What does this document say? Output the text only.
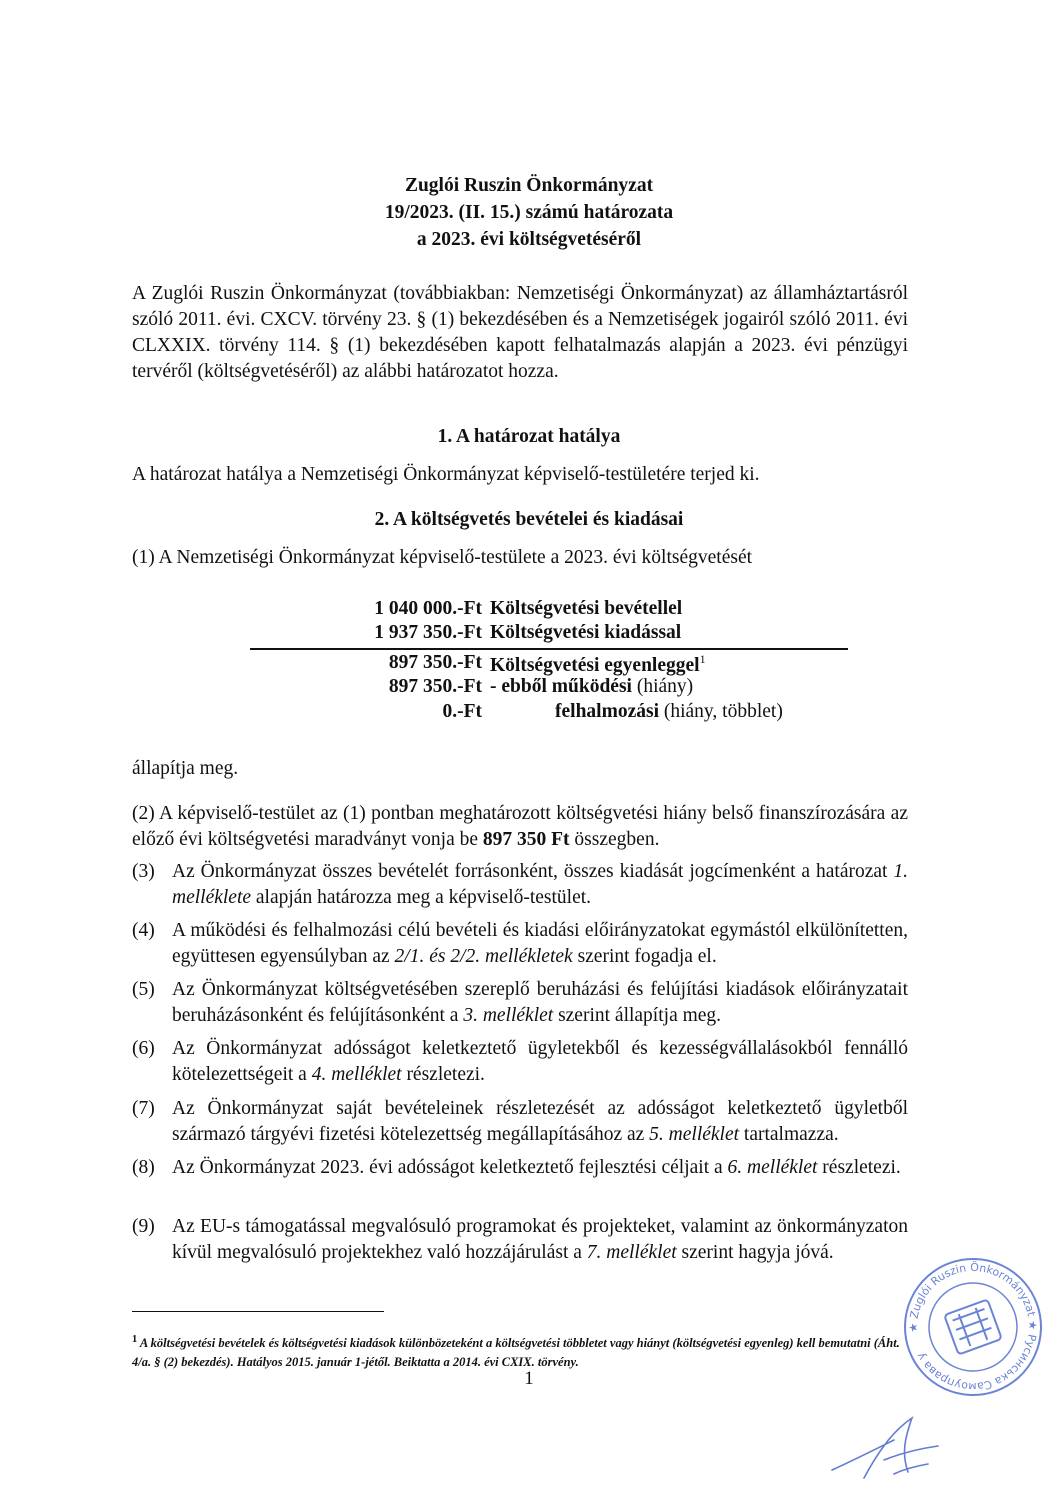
Zuglói Ruszin Önkormányzat
19/2023. (II. 15.) számú határozata
a 2023. évi költségvetéséről
A Zuglói Ruszin Önkormányzat (továbbiakban: Nemzetiségi Önkormányzat) az államháztartásról szóló 2011. évi. CXCV. törvény 23. § (1) bekezdésében és a Nemzetiségek jogairól szóló 2011. évi CLXXIX. törvény 114. § (1) bekezdésében kapott felhatalmazás alapján a 2023. évi pénzügyi tervéről (költségvetéséről) az alábbi határozatot hozza.
1. A határozat hatálya
A határozat hatálya a Nemzetiségi Önkormányzat képviselő-testületére terjed ki.
2. A költségvetés bevételei és kiadásai
(1) A Nemzetiségi Önkormányzat képviselő-testülete a 2023. évi költségvetését
1 040 000.-Ft Költségvetési bevétellel
1 937 350.-Ft Költségvetési kiadással
897 350.-Ft Költségvetési egyenleggel$^1$
897 350.-Ft - ebből működési (hiány)
0.-Ft	felhalmozási (hiány, többlet)
állapítja meg.
(2) A képviselő-testület az (1) pontban meghatározott költségvetési hiány belső finanszírozására az előző évi költségvetési maradványt vonja be 897 350 Ft összegben.
(3) Az Önkormányzat összes bevételét forrásonként, összes kiadását jogcímenként a határozat 1. melléklete alapján határozza meg a képviselő-testület.
(4) A működési és felhalmozási célú bevételi és kiadási előirányzatokat egymástól elkülönítetten, együttesen egyensúlyban az 2/1. és 2/2. mellékletek szerint fogadja el.
(5) Az Önkormányzat költségvetésében szereplő beruházási és felújítási kiadások előirányzatait beruházásonként és felújításonként a 3. melléklet szerint állapítja meg.
(6) Az Önkormányzat adósságot keletkeztető ügyletekből és kezességvállalásokból fennálló kötelezettségeit a 4. melléklet részletezi.
(7) Az Önkormányzat saját bevételeinek részletezését az adósságot keletkeztető ügyletből származó tárgyévi fizetési kötelezettség megállapításához az 5. melléklet tartalmazza.
(8) Az Önkormányzat 2023. évi adósságot keletkeztető fejlesztési céljait a 6. melléklet részletezi.
(9) Az EU-s támogatással megvalósuló programokat és projekteket, valamint az önkormányzaton kívül megvalósuló projektekhez való hozzájárulást a 7. melléklet szerint hagyja jóvá.
$^1$ A költségvetési bevételek és költségvetési kiadások különbözeteként a költségvetési többletet vagy hiányt (költségvetési egyenleg) kell bemutatni (Áht. 4/a. § (2) bekezdés). Hatályos 2015. január 1-jétől. Beiktatta a 2014. évi CXIX. törvény.
1
★ Zuglói Ruszin Önkormányzat ★ Русинська Самоуправа у
